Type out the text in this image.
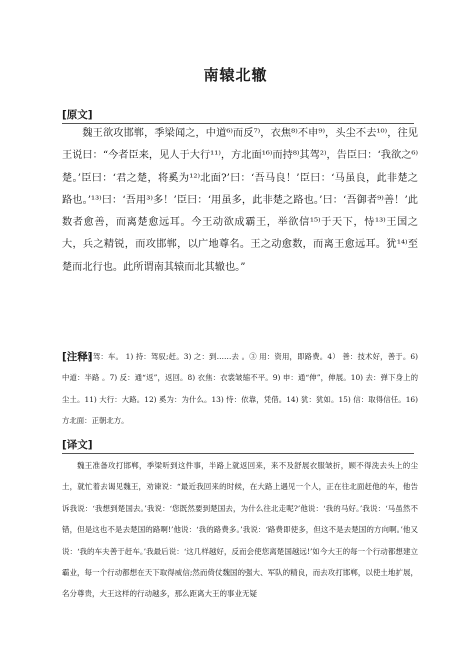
南辕北辙
[原文]

魏王欲攻邯郸，季梁闻之，中道⁶⁾而反⁷⁾，衣焦⁸⁾不申⁹⁾，头尘不去¹⁰⁾，往见王说曰：“今者臣来，见人于大行¹¹⁾，方北面¹⁶⁾而持⁸⁾其驾²⁾，告臣曰：‘我欲之⁶⁾楚。’臣曰：‘君之楚，将奚为¹²⁾北面?’曰：‘吾马良！’臣曰：‘马虽良，此非楚之路也。’¹³⁾曰：‘吾用³⁾多！’臣曰：‘用虽多，此非楚之路也。’曰：‘吾御者⁹⁾善！’此数者愈善，而离楚愈远耳。今王动欲成霸王，举欲信¹⁵⁾于天下，恃¹³⁾王国之大，兵之精锐，而攻邯郸，以广地尊名。王之动愈数，而离王愈远耳。犹¹⁴⁾至楚而北行也。此所谓南其辕而北其辙也。”

[注释]

2) 驾：车。 1) 持：驾驭;赶。3) 之：到……去 。③ 用：资用，即路费。4） 善：技术好，善于。6) 中道：半路 。7) 反：通“返”，返回。8) 衣焦：衣裳皱缩不平。9) 申：通“伸”，伸展。10) 去：弹下身上的尘土。11) 大行：大路。12) 奚为：为什么。13) 恃：依靠，凭借。14) 犹：犹如。15) 信：取得信任。16) 方北面：正朝北方。

[译文]

魏王准备攻打邯郸，季梁听到这件事，半路上就返回来，来不及舒展衣服皱折，顾不得洗去头上的尘土，就忙着去谒见魏王，劝谏说：“最近我回来的时候，在大路上遇见一个人，正在往北面赶他的车，他告诉我说：‘我想到楚国去。’我说：‘您既然要到楚国去，为什么往北走呢?’他说：‘我的马好。’我说：‘马虽然不错，但是这也不是去楚国的路啊!’他说：‘我的路费多。’我说：‘路费即使多，但这不是去楚国的方向啊。’他又说：‘我的车夫善于赶车。’我最后说：‘这几样越好，反而会使您离楚国越远!’如今大王的每一个行动都想建立霸业，每一个行动都想在天下取得威信;然而倚仗魏国的强大、军队的精良，而去攻打邯郸，以使土地扩展，名分尊贵，大王这样的行动越多，那么距离大王的事业无疑
